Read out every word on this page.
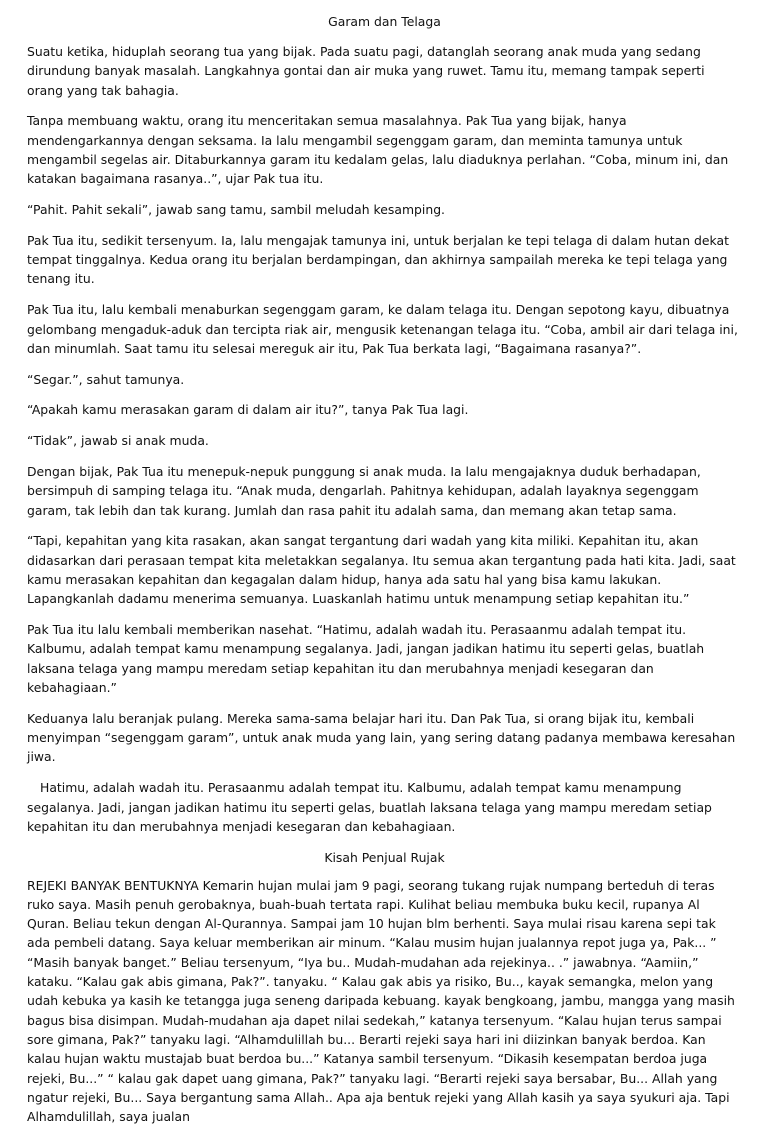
Garam dan Telaga

Suatu ketika, hiduplah seorang tua yang bijak. Pada suatu pagi, datanglah seorang anak muda yang sedang dirundung banyak masalah. Langkahnya gontai dan air muka yang ruwet. Tamu itu, memang tampak seperti orang yang tak bahagia.

Tanpa membuang waktu, orang itu menceritakan semua masalahnya. Pak Tua yang bijak, hanya mendengarkannya dengan seksama. Ia lalu mengambil segenggam garam, dan meminta tamunya untuk mengambil segelas air. Ditaburkannya garam itu kedalam gelas, lalu diaduknya perlahan. “Coba, minum ini, dan katakan bagaimana rasanya..”, ujar Pak tua itu.

“Pahit. Pahit sekali”, jawab sang tamu, sambil meludah kesamping.

Pak Tua itu, sedikit tersenyum. Ia, lalu mengajak tamunya ini, untuk berjalan ke tepi telaga di dalam hutan dekat tempat tinggalnya. Kedua orang itu berjalan berdampingan, dan akhirnya sampailah mereka ke tepi telaga yang tenang itu.

Pak Tua itu, lalu kembali menaburkan segenggam garam, ke dalam telaga itu. Dengan sepotong kayu, dibuatnya gelombang mengaduk-aduk dan tercipta riak air, mengusik ketenangan telaga itu. “Coba, ambil air dari telaga ini, dan minumlah. Saat tamu itu selesai mereguk air itu, Pak Tua berkata lagi, “Bagaimana rasanya?”.

“Segar.”, sahut tamunya.

“Apakah kamu merasakan garam di dalam air itu?”, tanya Pak Tua lagi.

“Tidak”, jawab si anak muda.

Dengan bijak, Pak Tua itu menepuk-nepuk punggung si anak muda. Ia lalu mengajaknya duduk berhadapan, bersimpuh di samping telaga itu. “Anak muda, dengarlah. Pahitnya kehidupan, adalah layaknya segenggam garam, tak lebih dan tak kurang. Jumlah dan rasa pahit itu adalah sama, dan memang akan tetap sama.

“Tapi, kepahitan yang kita rasakan, akan sangat tergantung dari wadah yang kita miliki. Kepahitan itu, akan didasarkan dari perasaan tempat kita meletakkan segalanya. Itu semua akan tergantung pada hati kita. Jadi, saat kamu merasakan kepahitan dan kegagalan dalam hidup, hanya ada satu hal yang bisa kamu lakukan. Lapangkanlah dadamu menerima semuanya. Luaskanlah hatimu untuk menampung setiap kepahitan itu.”

Pak Tua itu lalu kembali memberikan nasehat. “Hatimu, adalah wadah itu. Perasaanmu adalah tempat itu. Kalbumu, adalah tempat kamu menampung segalanya. Jadi, jangan jadikan hatimu itu seperti gelas, buatlah laksana telaga yang mampu meredam setiap kepahitan itu dan merubahnya menjadi kesegaran dan kebahagiaan.”

Keduanya lalu beranjak pulang. Mereka sama-sama belajar hari itu. Dan Pak Tua, si orang bijak itu, kembali menyimpan “segenggam garam”, untuk anak muda yang lain, yang sering datang padanya membawa keresahan jiwa.

Hatimu, adalah wadah itu. Perasaanmu adalah tempat itu. Kalbumu, adalah tempat kamu menampung segalanya. Jadi, jangan jadikan hatimu itu seperti gelas, buatlah laksana telaga yang mampu meredam setiap kepahitan itu dan merubahnya menjadi kesegaran dan kebahagiaan.

Kisah Penjual Rujak

REJEKI BANYAK BENTUKNYA Kemarin hujan mulai jam 9 pagi, seorang tukang rujak numpang berteduh di teras ruko saya. Masih penuh gerobaknya, buah-buah tertata rapi. Kulihat beliau membuka buku kecil, rupanya Al Quran. Beliau tekun dengan Al-Qurannya. Sampai jam 10 hujan blm berhenti. Saya mulai risau karena sepi tak ada pembeli datang. Saya keluar memberikan air minum. “Kalau musim hujan jualannya repot juga ya, Pak... ” “Masih banyak banget.” Beliau tersenyum, “Iya bu.. Mudah-mudahan ada rejekinya.. .” jawabnya. “Aamiin,” kataku. “Kalau gak abis gimana, Pak?”. tanyaku. “ Kalau gak abis ya risiko, Bu.., kayak semangka, melon yang udah kebuka ya kasih ke tetangga juga seneng daripada kebuang. kayak bengkoang, jambu, mangga yang masih bagus bisa disimpan. Mudah-mudahan aja dapet nilai sedekah,” katanya tersenyum. “Kalau hujan terus sampai sore gimana, Pak?” tanyaku lagi. “Alhamdulillah bu... Berarti rejeki saya hari ini diizinkan banyak berdoa. Kan kalau hujan waktu mustajab buat berdoa bu...” Katanya sambil tersenyum. “Dikasih kesempatan berdoa juga rejeki, Bu...” “ kalau gak dapet uang gimana, Pak?” tanyaku lagi. “Berarti rejeki saya bersabar, Bu... Allah yang ngatur rejeki, Bu... Saya bergantung sama Allah.. Apa aja bentuk rejeki yang Allah kasih ya saya syukuri aja. Tapi Alhamdulillah, saya jualan
